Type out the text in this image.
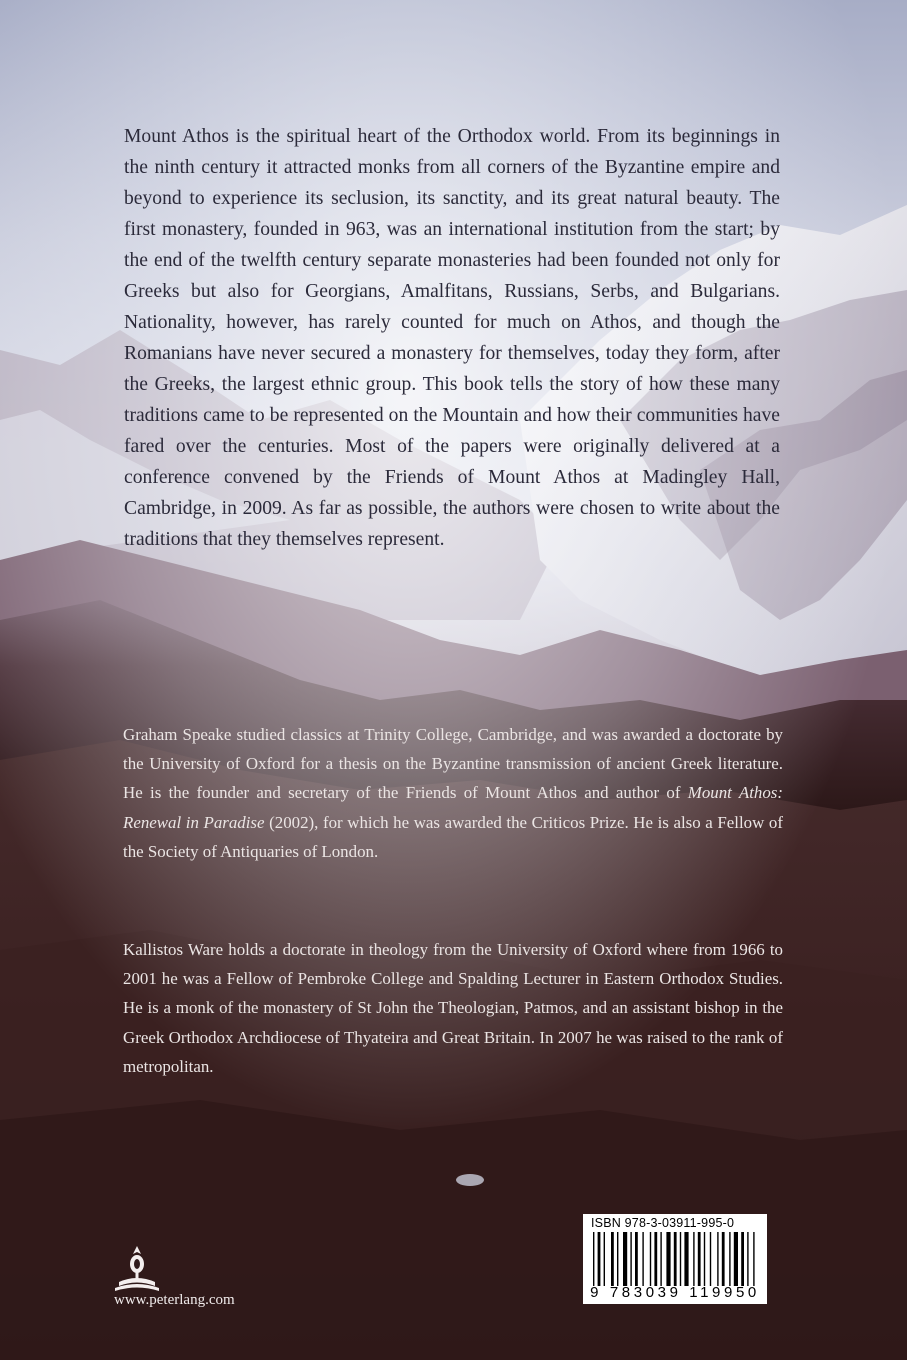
Mount Athos is the spiritual heart of the Orthodox world. From its beginnings in the ninth century it attracted monks from all corners of the Byzantine empire and beyond to experience its seclusion, its sanctity, and its great natural beauty. The first monastery, founded in 963, was an international institution from the start; by the end of the twelfth century separate monasteries had been founded not only for Greeks but also for Georgians, Amalfitans, Russians, Serbs, and Bulgarians. Nationality, however, has rarely counted for much on Athos, and though the Romanians have never secured a monastery for themselves, today they form, after the Greeks, the largest ethnic group. This book tells the story of how these many traditions came to be represented on the Mountain and how their communities have fared over the centuries. Most of the papers were originally delivered at a conference convened by the Friends of Mount Athos at Madingley Hall, Cambridge, in 2009. As far as possible, the authors were chosen to write about the traditions that they themselves represent.

Graham Speake studied classics at Trinity College, Cambridge, and was awarded a doctorate by the University of Oxford for a thesis on the Byzantine transmission of ancient Greek literature. He is the founder and secretary of the Friends of Mount Athos and author of Mount Athos: Renewal in Paradise (2002), for which he was awarded the Criticos Prize. He is also a Fellow of the Society of Antiquaries of London.

Kallistos Ware holds a doctorate in theology from the University of Oxford where from 1966 to 2001 he was a Fellow of Pembroke College and Spalding Lecturer in Eastern Orthodox Studies. He is a monk of the monastery of St John the Theologian, Patmos, and an assistant bishop in the Greek Orthodox Archdiocese of Thyateira and Great Britain. In 2007 he was raised to the rank of metropolitan.

www.peterlang.com
ISBN 978-3-03911-995-0
9 783039 119950
